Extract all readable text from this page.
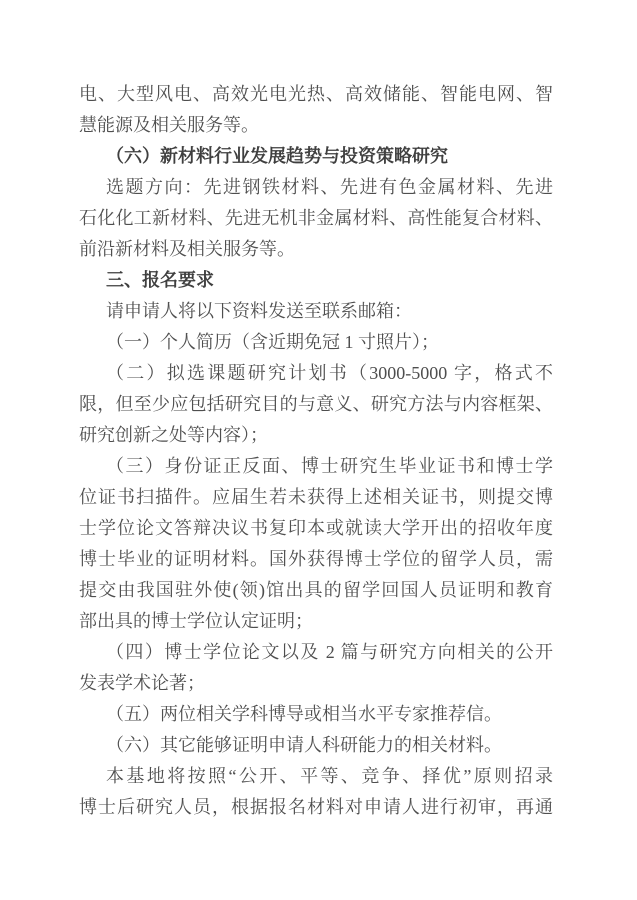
电、大型风电、高效光电光热、高效储能、智能电网、智
慧能源及相关服务等。
（六）新材料行业发展趋势与投资策略研究
选题方向：先进钢铁材料、先进有色金属材料、先进
石化化工新材料、先进无机非金属材料、高性能复合材料、
前沿新材料及相关服务等。
三、报名要求
请申请人将以下资料发送至联系邮箱：
（一）个人简历（含近期免冠 1 寸照片）；
（二）拟选课题研究计划书（3000-5000 字，格式不
限，但至少应包括研究目的与意义、研究方法与内容框架、
研究创新之处等内容）；
（三）身份证正反面、博士研究生毕业证书和博士学
位证书扫描件。应届生若未获得上述相关证书，则提交博
士学位论文答辩决议书复印本或就读大学开出的招收年度
博士毕业的证明材料。国外获得博士学位的留学人员，需
提交由我国驻外使(领)馆出具的留学回国人员证明和教育
部出具的博士学位认定证明；
（四）博士学位论文以及 2 篇与研究方向相关的公开
发表学术论著；
（五）两位相关学科博导或相当水平专家推荐信。
（六）其它能够证明申请人科研能力的相关材料。
本基地将按照“公开、平等、竞争、择优”原则招录
博士后研究人员，根据报名材料对申请人进行初审，再通
